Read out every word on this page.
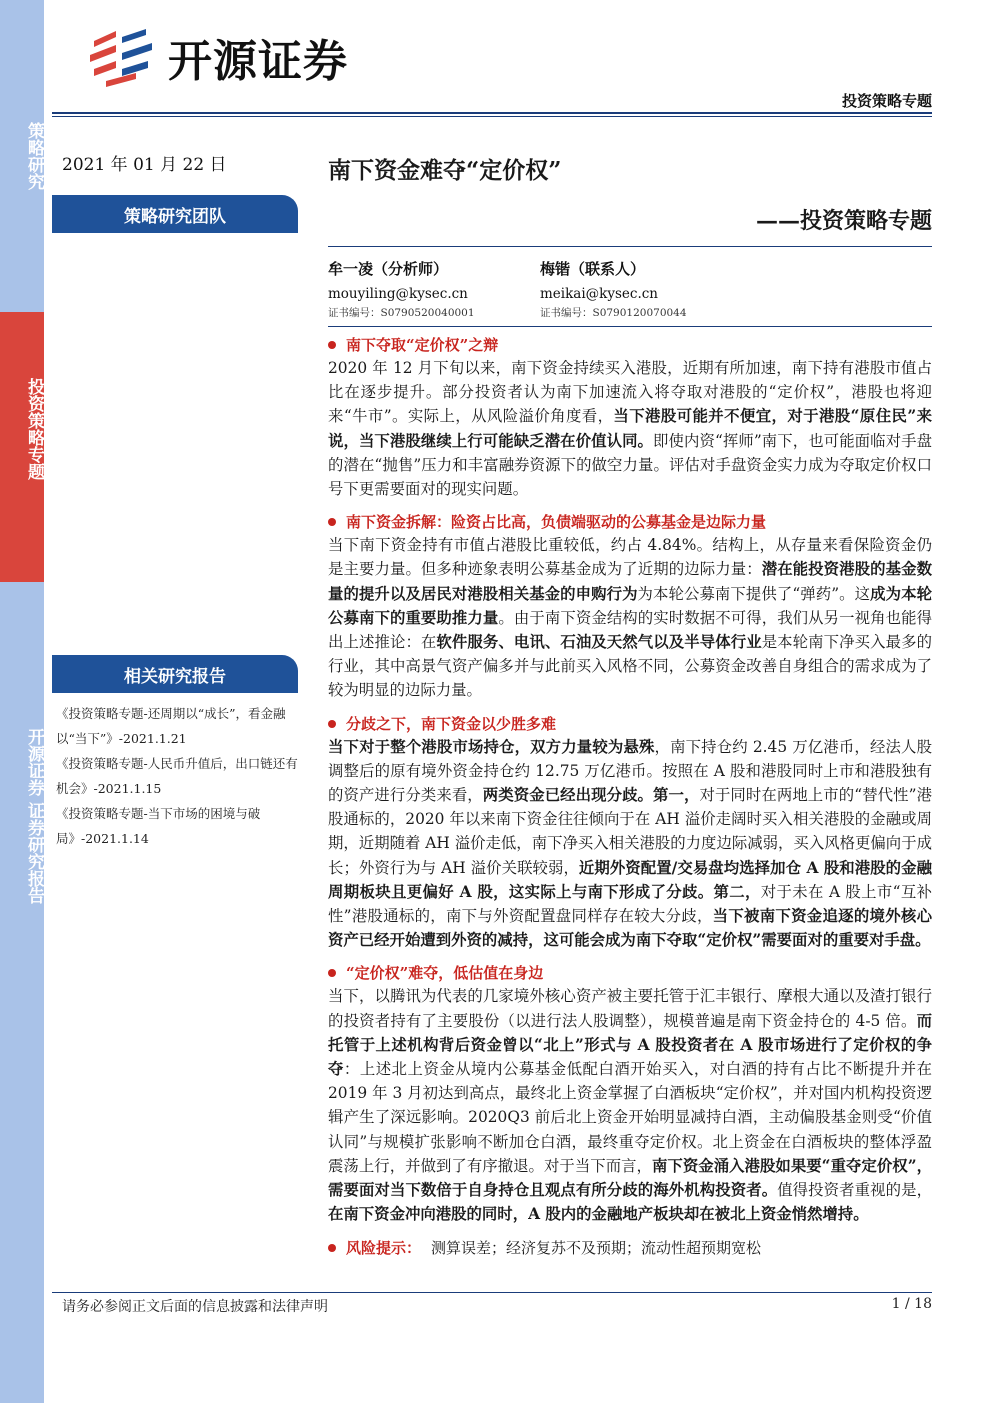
策略研究
投资策略专题
开源证券 证券研究报告
开源证券
投资策略专题
2021 年 01 月 22 日
策略研究团队
相关研究报告
《投资策略专题-还周期以“成长”，看金融以“当下”》-2021.1.21
《投资策略专题-人民币升值后，出口链还有机会》-2021.1.15
《投资策略专题-当下市场的困境与破局》-2021.1.14
南下资金难夺“定价权”
——投资策略专题
牟一凌（分析师）
mouyiling@kysec.cn
证书编号：S0790520040001
梅锴（联系人）
meikai@kysec.cn
证书编号：S0790120070044
南下夺取“定价权”之辩
2020 年 12 月下旬以来，南下资金持续买入港股，近期有所加速，南下持有港股市值占比在逐步提升。部分投资者认为南下加速流入将夺取对港股的“定价权”，港股也将迎来“牛市”。实际上，从风险溢价角度看，当下港股可能并不便宜，对于港股“原住民”来说，当下港股继续上行可能缺乏潜在价值认同。即使内资“挥师”南下，也可能面临对手盘的潜在“抛售”压力和丰富融券资源下的做空力量。评估对手盘资金实力成为夺取定价权口号下更需要面对的现实问题。
南下资金拆解：险资占比高，负债端驱动的公募基金是边际力量
当下南下资金持有市值占港股比重较低，约占 4.84%。结构上，从存量来看保险资金仍是主要力量。但多种迹象表明公募基金成为了近期的边际力量：潜在能投资港股的基金数量的提升以及居民对港股相关基金的申购行为为本轮公募南下提供了“弹药”。这成为本轮公募南下的重要助推力量。由于南下资金结构的实时数据不可得，我们从另一视角也能得出上述推论：在软件服务、电讯、石油及天然气以及半导体行业是本轮南下净买入最多的行业，其中高景气资产偏多并与此前买入风格不同，公募资金改善自身组合的需求成为了较为明显的边际力量。
分歧之下，南下资金以少胜多难
当下对于整个港股市场持仓，双方力量较为悬殊，南下持仓约 2.45 万亿港币，经法人股调整后的原有境外资金持仓约 12.75 万亿港币。按照在 A 股和港股同时上市和港股独有的资产进行分类来看，两类资金已经出现分歧。第一，对于同时在两地上市的“替代性”港股通标的，2020 年以来南下资金往往倾向于在 AH 溢价走阔时买入相关港股的金融或周期，近期随着 AH 溢价走低，南下净买入相关港股的力度边际减弱，买入风格更偏向于成长；外资行为与 AH 溢价关联较弱，近期外资配置/交易盘均选择加仓 A 股和港股的金融周期板块且更偏好 A 股，这实际上与南下形成了分歧。第二，对于未在 A 股上市“互补性”港股通标的，南下与外资配置盘同样存在较大分歧，当下被南下资金追逐的境外核心资产已经开始遭到外资的减持，这可能会成为南下夺取“定价权”需要面对的重要对手盘。
“定价权”难夺，低估值在身边
当下，以腾讯为代表的几家境外核心资产被主要托管于汇丰银行、摩根大通以及渣打银行的投资者持有了主要股份（以进行法人股调整），规模普遍是南下资金持仓的 4-5 倍。而托管于上述机构背后资金曾以“北上”形式与 A 股投资者在 A 股市场进行了定价权的争夺：上述北上资金从境内公募基金低配白酒开始买入，对白酒的持有占比不断提升并在 2019 年 3 月初达到高点，最终北上资金掌握了白酒板块“定价权”，并对国内机构投资逻辑产生了深远影响。2020Q3 前后北上资金开始明显减持白酒，主动偏股基金则受“价值认同”与规模扩张影响不断加仓白酒，最终重夺定价权。北上资金在白酒板块的整体浮盈震荡上行，并做到了有序撤退。对于当下而言，南下资金涌入港股如果要“重夺定价权”，需要面对当下数倍于自身持仓且观点有所分歧的海外机构投资者。值得投资者重视的是，在南下资金冲向港股的同时，A 股内的金融地产板块却在被北上资金悄然增持。
风险提示： 测算误差；经济复苏不及预期；流动性超预期宽松
请务必参阅正文后面的信息披露和法律声明	1 / 18
